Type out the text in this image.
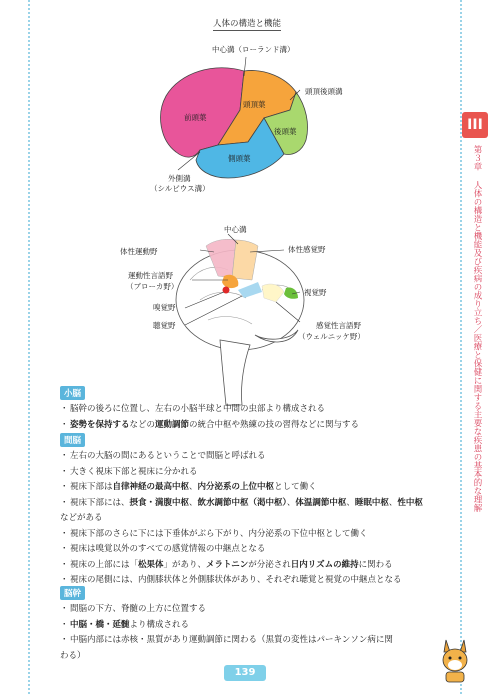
III
第３章 人体の構造と機能及び疾病の成り立ち／医療と保健に関する主要な疾患の基本的な理解
人体の構造と機能
中心溝（ローランド溝）
頭頂後頭溝
前頭葉
頭頂葉
後頭葉
側頭葉
外側溝
（シルビウス溝）
中心溝
体性運動野	体性感覚野
運動性言語野
（ブローカ野）
視覚野
嗅覚野
聴覚野	感覚性言語野
（ウェルニッケ野）
小脳
・脳幹の後ろに位置し、左右の小脳半球と中間の虫部より構成される
・姿勢を保持するなどの運動調節の統合中枢や熟練の技の習得などに関与する
間脳
・左右の大脳の間にあるということで間脳と呼ばれる
・大きく視床下部と視床に分かれる
・視床下部は自律神経の最高中枢、内分泌系の上位中枢として働く
・視床下部には、摂食・満腹中枢、飲水調節中枢（渇中枢）、体温調節中枢、睡眠中枢、性中枢
などがある
・視床下部のさらに下には下垂体がぶら下がり、内分泌系の下位中枢として働く
・視床は嗅覚以外のすべての感覚情報の中継点となる
・視床の上部には「松果体」があり、メラトニンが分泌され日内リズムの維持に関わる
・視床の尾側には、内側膝状体と外側膝状体があり、それぞれ聴覚と視覚の中継点となる
脳幹
・間脳の下方、脊髄の上方に位置する
・中脳・橋・延髄より構成される
・中脳内部には赤核・黒質があり運動調節に関わる（黒質の変性はパーキンソン病に関
わる）
139
